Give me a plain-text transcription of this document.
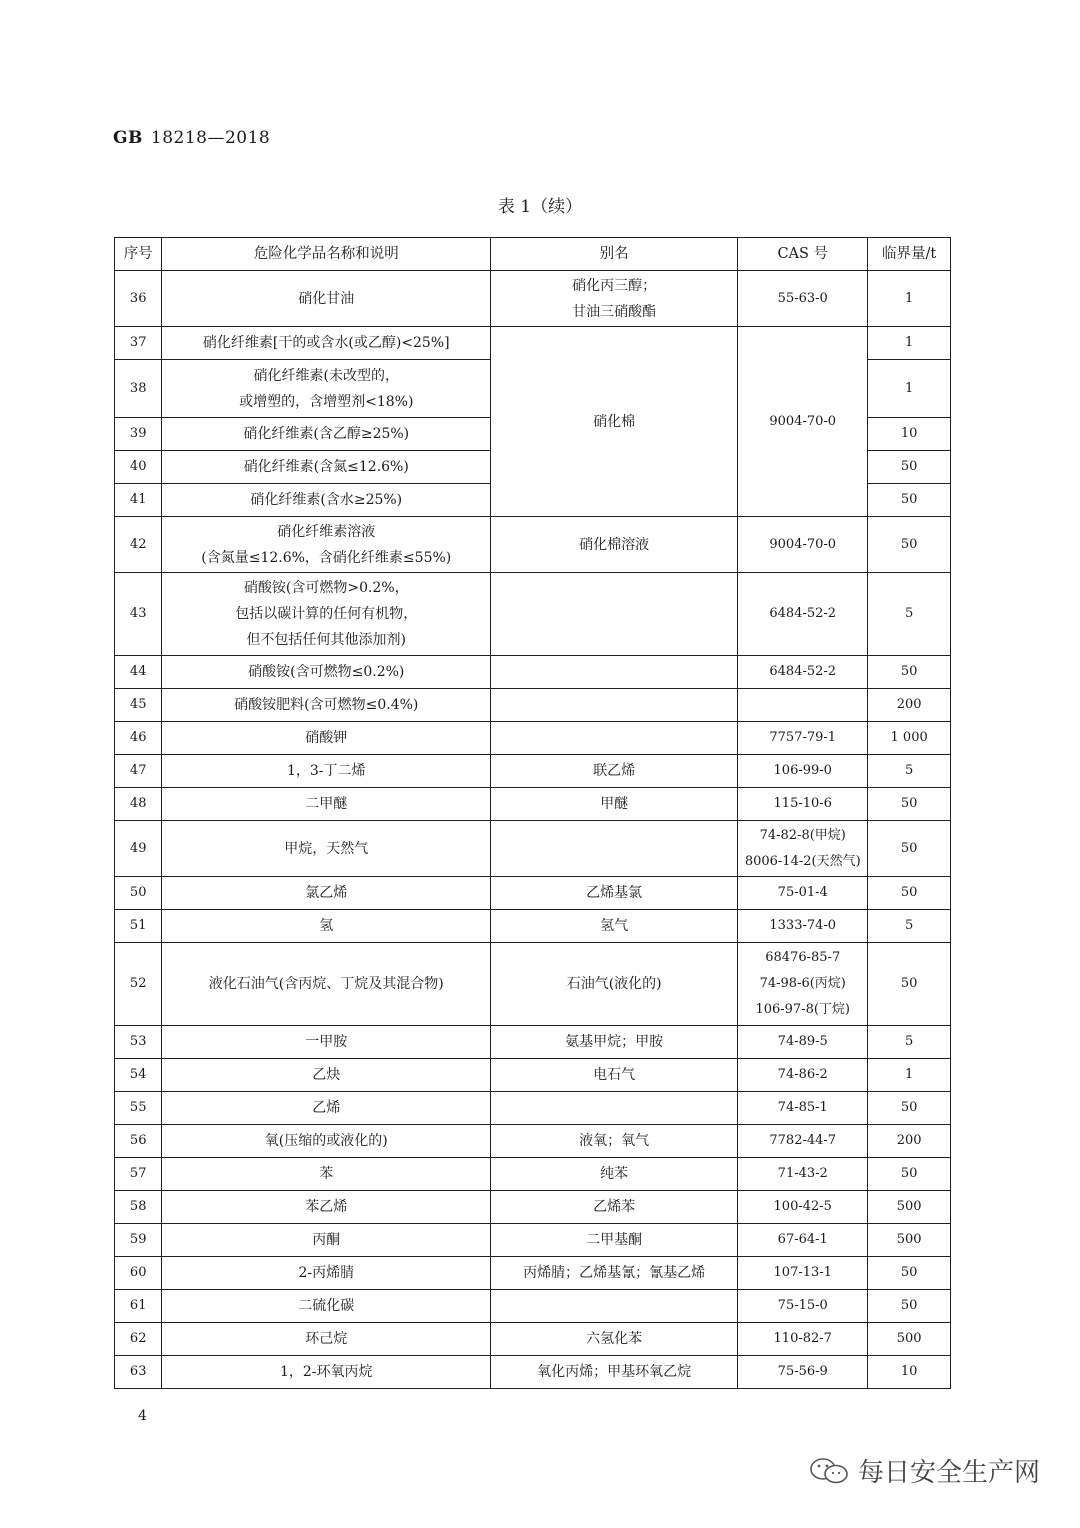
GB 18218—2018
表 1（续）
序号	危险化学品名称和说明	别名	CAS 号	临界量/t
36	硝化甘油	硝化丙三醇；
甘油三硝酸酯	55-63-0	1
37	硝化纤维素[干的或含水(或乙醇)<25%]	硝化棉	9004-70-0	1
38	硝化纤维素(未改型的，
或增塑的，含增塑剂<18%)			1
39	硝化纤维素(含乙醇≥25%)			10
40	硝化纤维素(含氮≤12.6%)			50
41	硝化纤维素(含水≥25%)			50
42	硝化纤维素溶液
(含氮量≤12.6%，含硝化纤维素≤55%)	硝化棉溶液	9004-70-0	50
43	硝酸铵(含可燃物>0.2%，
包括以碳计算的任何有机物，
但不包括任何其他添加剂)		6484-52-2	5
44	硝酸铵(含可燃物≤0.2%)		6484-52-2	50
45	硝酸铵肥料(含可燃物≤0.4%)			200
46	硝酸钾		7757-79-1	1 000
47	1，3-丁二烯	联乙烯	106-99-0	5
48	二甲醚	甲醚	115-10-6	50
49	甲烷，天然气		74-82-8(甲烷)
8006-14-2(天然气)	50
50	氯乙烯	乙烯基氯	75-01-4	50
51	氢	氢气	1333-74-0	5
52	液化石油气(含丙烷、丁烷及其混合物)	石油气(液化的)	68476-85-7
74-98-6(丙烷)
106-97-8(丁烷)	50
53	一甲胺	氨基甲烷；甲胺	74-89-5	5
54	乙炔	电石气	74-86-2	1
55	乙烯		74-85-1	50
56	氧(压缩的或液化的)	液氧；氧气	7782-44-7	200
57	苯	纯苯	71-43-2	50
58	苯乙烯	乙烯苯	100-42-5	500
59	丙酮	二甲基酮	67-64-1	500
60	2-丙烯腈	丙烯腈；乙烯基氰；氰基乙烯	107-13-1	50
61	二硫化碳		75-15-0	50
62	环己烷	六氢化苯	110-82-7	500
63	1，2-环氧丙烷	氧化丙烯；甲基环氧乙烷	75-56-9	10
4
每日安全生产网
